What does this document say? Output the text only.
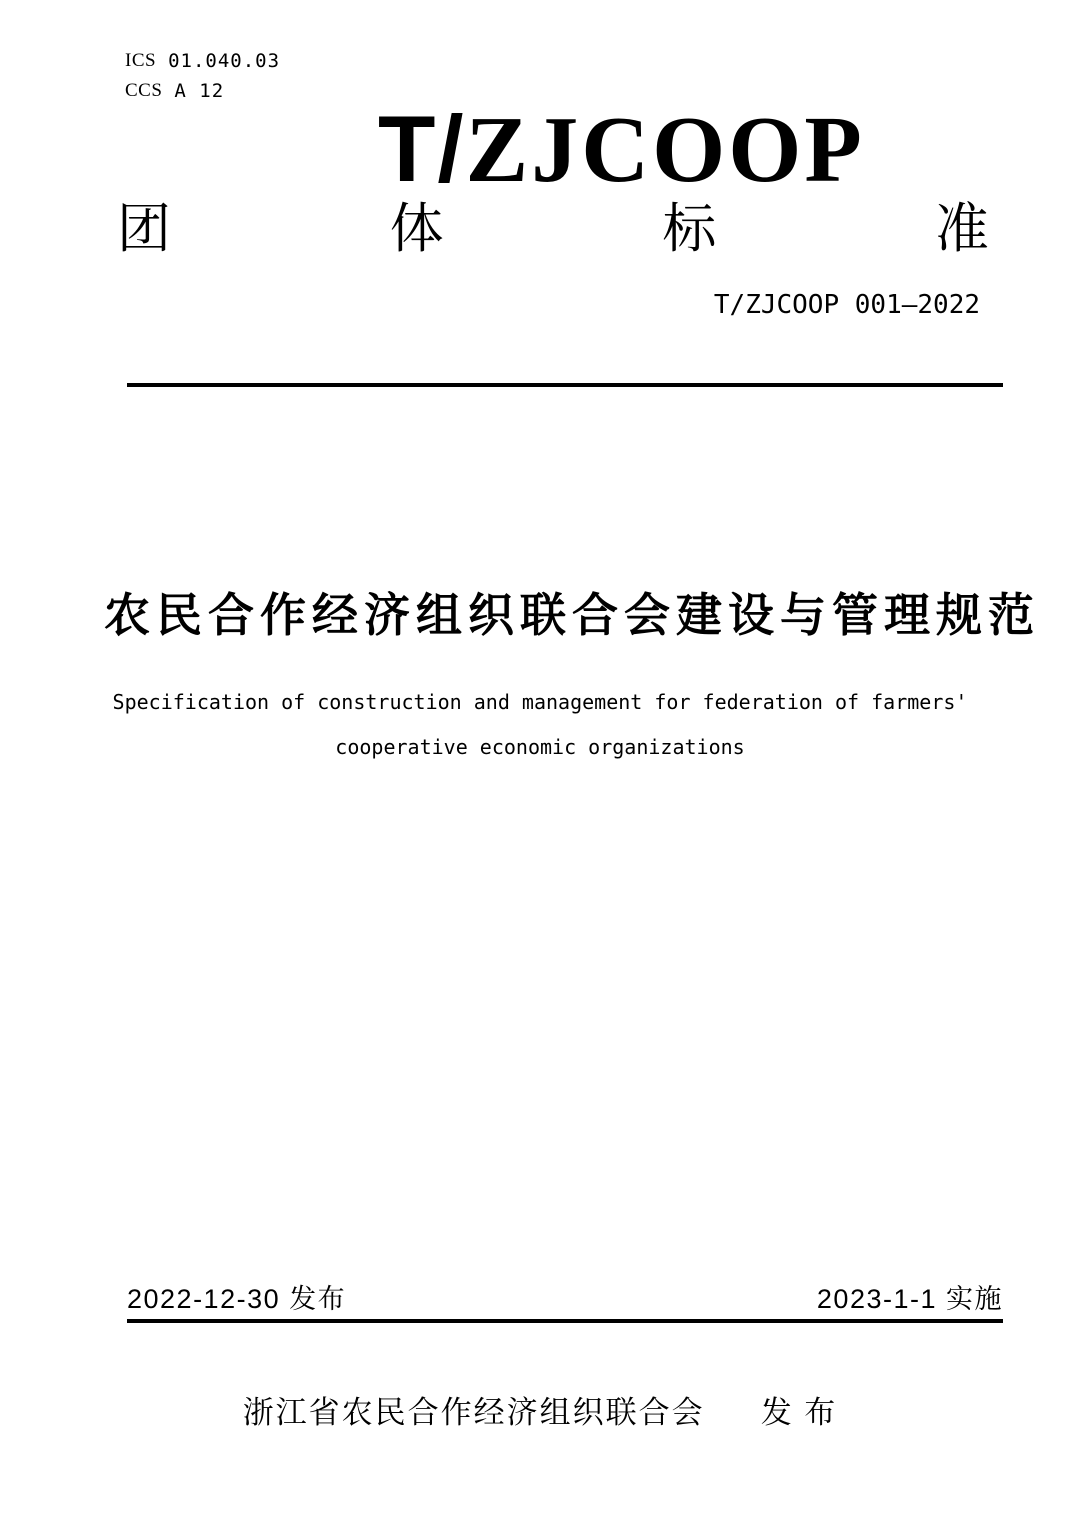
ICS 01.040.03
CCS A 12
T/ZJCOOP
团	体	标	准
T/ZJCOOP 001—2022
农民合作经济组织联合会建设与管理规范
Specification of construction and management for federation of farmers'
cooperative economic organizations
2022-12-30 发布	2023-1-1 实施
浙江省农民合作经济组织联合会 发 布
